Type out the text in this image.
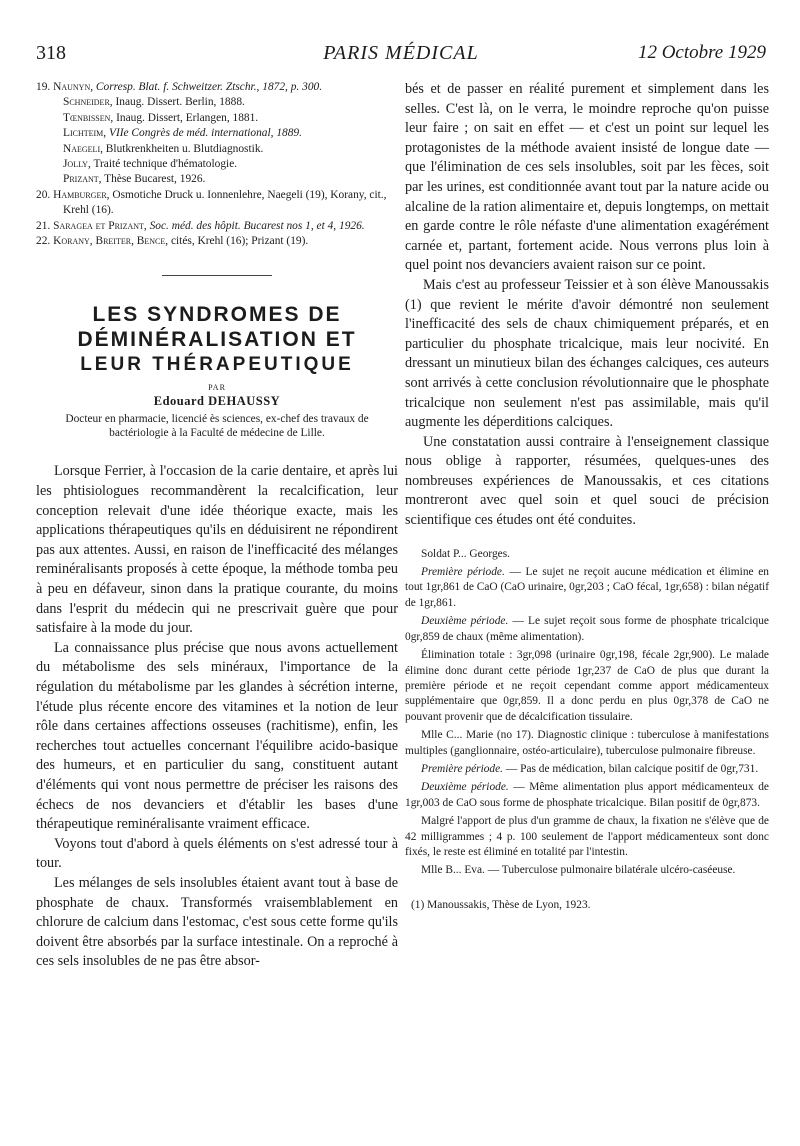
318	PARIS MÉDICAL	12 Octobre 1929
19. Naunyn, Corresp. Blat. f. Schweitzer. Ztschr., 1872, p. 300.
Schneider, Inaug. Dissert. Berlin, 1888.
Tœnbissen, Inaug. Dissert, Erlangen, 1881.
Lichteim, VIIe Congrès de méd. international, 1889.
Naegeli, Blutkrenkheiten u. Blutdiagnostik.
Jolly, Traité technique d'hématologie.
Prizant, Thèse Bucarest, 1926.
20. Hamburger, Osmotiche Druck u. Ionnenlehre, Naegeli (19), Korany, cit., Krehl (16).
21. Saragea et Prizant, Soc. méd. des hôpit. Bucarest nos 1, et 4, 1926.
22. Korany, Breiter, Bence, cités, Krehl (16); Prizant (19).
LES SYNDROMES DE
DÉMINÉRALISATION ET
LEUR THÉRAPEUTIQUE
PAR
Edouard DEHAUSSY
Docteur en pharmacie, licencié ès sciences, ex-chef des travaux de bactériologie à la Faculté de médecine de Lille.

Lorsque Ferrier, à l'occasion de la carie dentaire, et après lui les phtisiologues recommandèrent la recalcification, leur conception relevait d'une idée théorique exacte, mais les applications thérapeutiques qu'ils en déduisirent ne répondirent pas aux attentes. Aussi, en raison de l'inefficacité des mélanges reminéralisants proposés à cette époque, la méthode tomba peu à peu en défaveur, sinon dans la pratique courante, du moins dans l'esprit du médecin qui ne prescrivait guère que pour satisfaire à la mode du jour.

La connaissance plus précise que nous avons actuellement du métabolisme des sels minéraux, l'importance de la régulation du métabolisme par les glandes à sécrétion interne, l'étude plus récente encore des vitamines et la notion de leur rôle dans certaines affections osseuses (rachitisme), enfin, les recherches tout actuelles concernant l'équilibre acido-basique des humeurs, et en particulier du sang, constituent autant d'éléments qui vont nous permettre de préciser les raisons des échecs de nos devanciers et d'établir les bases d'une thérapeutique reminéralisante vraiment efficace.

Voyons tout d'abord à quels éléments on s'est adressé tour à tour.

Les mélanges de sels insolubles étaient avant tout à base de phosphate de chaux. Transformés vraisemblablement en chlorure de calcium dans l'estomac, c'est sous cette forme qu'ils doivent être absorbés par la surface intestinale. On a reproché à ces sels insolubles de ne pas être absor-

bés et de passer en réalité purement et simplement dans les selles. C'est là, on le verra, le moindre reproche qu'on puisse leur faire ; on sait en effet — et c'est un point sur lequel les protagonistes de la méthode avaient insisté de longue date — que l'élimination de ces sels insolubles, soit par les fèces, soit par les urines, est conditionnée avant tout par la nature acide ou alcaline de la ration alimentaire et, depuis longtemps, on mettait en garde contre le rôle néfaste d'une alimentation exagérément carnée et, partant, fortement acide. Nous verrons plus loin à quel point nos devanciers avaient raison sur ce point.

Mais c'est au professeur Teissier et à son élève Manoussakis (1) que revient le mérite d'avoir démontré non seulement l'inefficacité des sels de chaux chimiquement préparés, et en particulier du phosphate tricalcique, mais leur nocivité. En dressant un minutieux bilan des échanges calciques, ces auteurs sont arrivés à cette conclusion révolutionnaire que le phosphate tricalcique non seulement n'est pas assimilable, mais qu'il augmente les déperditions calciques.

Une constatation aussi contraire à l'enseignement classique nous oblige à rapporter, résumées, quelques-unes des nombreuses expériences de Manoussakis, et ces citations montreront avec quel soin et quel souci de précision scientifique ces études ont été conduites.

Soldat P... Georges.

Première période. — Le sujet ne reçoit aucune médication et élimine en tout 1gr,861 de CaO (CaO urinaire, 0gr,203 ; CaO fécal, 1gr,658) : bilan négatif de 1gr,861.

Deuxième période. — Le sujet reçoit sous forme de phosphate tricalcique 0gr,859 de chaux (même alimentation).

Élimination totale : 3gr,098 (urinaire 0gr,198, fécale 2gr,900). Le malade élimine donc durant cette période 1gr,237 de CaO de plus que durant la première période et ne reçoit cependant comme apport médicamenteux supplémentaire que 0gr,859. Il a donc perdu en plus 0gr,378 de CaO ne pouvant provenir que de décalcification tissulaire.

Mlle C... Marie (no 17). Diagnostic clinique : tuberculose à manifestations multiples (ganglionnaire, ostéo-articulaire), tuberculose pulmonaire fibreuse.

Première période. — Pas de médication, bilan calcique positif de 0gr,731.

Deuxième période. — Même alimentation plus apport médicamenteux de 1gr,003 de CaO sous forme de phosphate tricalcique. Bilan positif de 0gr,873.

Malgré l'apport de plus d'un gramme de chaux, la fixation ne s'élève que de 42 milligrammes ; 4 p. 100 seulement de l'apport médicamenteux sont donc fixés, le reste est éliminé en totalité par l'intestin.

Mlle B... Eva. — Tuberculose pulmonaire bilatérale ulcéro-caséeuse.

(1) Manoussakis, Thèse de Lyon, 1923.
